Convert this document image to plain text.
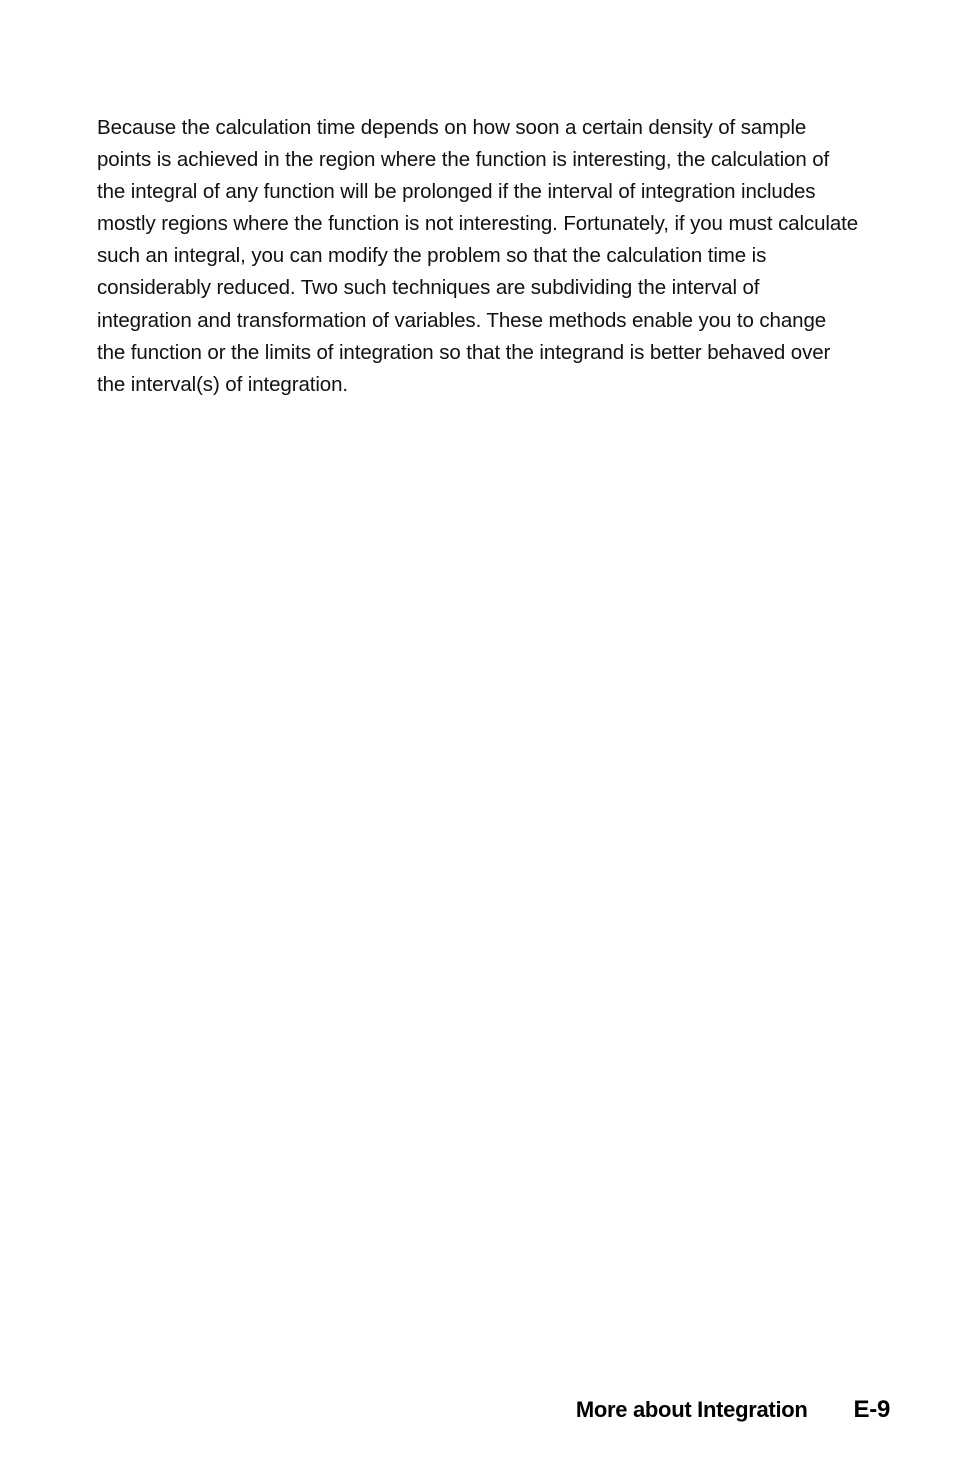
Because the calculation time depends on how soon a certain density of sample
points is achieved in the region where the function is interesting, the calculation of
the integral of any function will be prolonged if the interval of integration includes
mostly regions where the function is not interesting. Fortunately, if you must calculate
such an integral, you can modify the problem so that the calculation time is
considerably reduced. Two such techniques are subdividing the interval of
integration and transformation of variables. These methods enable you to change
the function or the limits of integration so that the integrand is better behaved over
the interval(s) of integration.

More about Integration E-9
